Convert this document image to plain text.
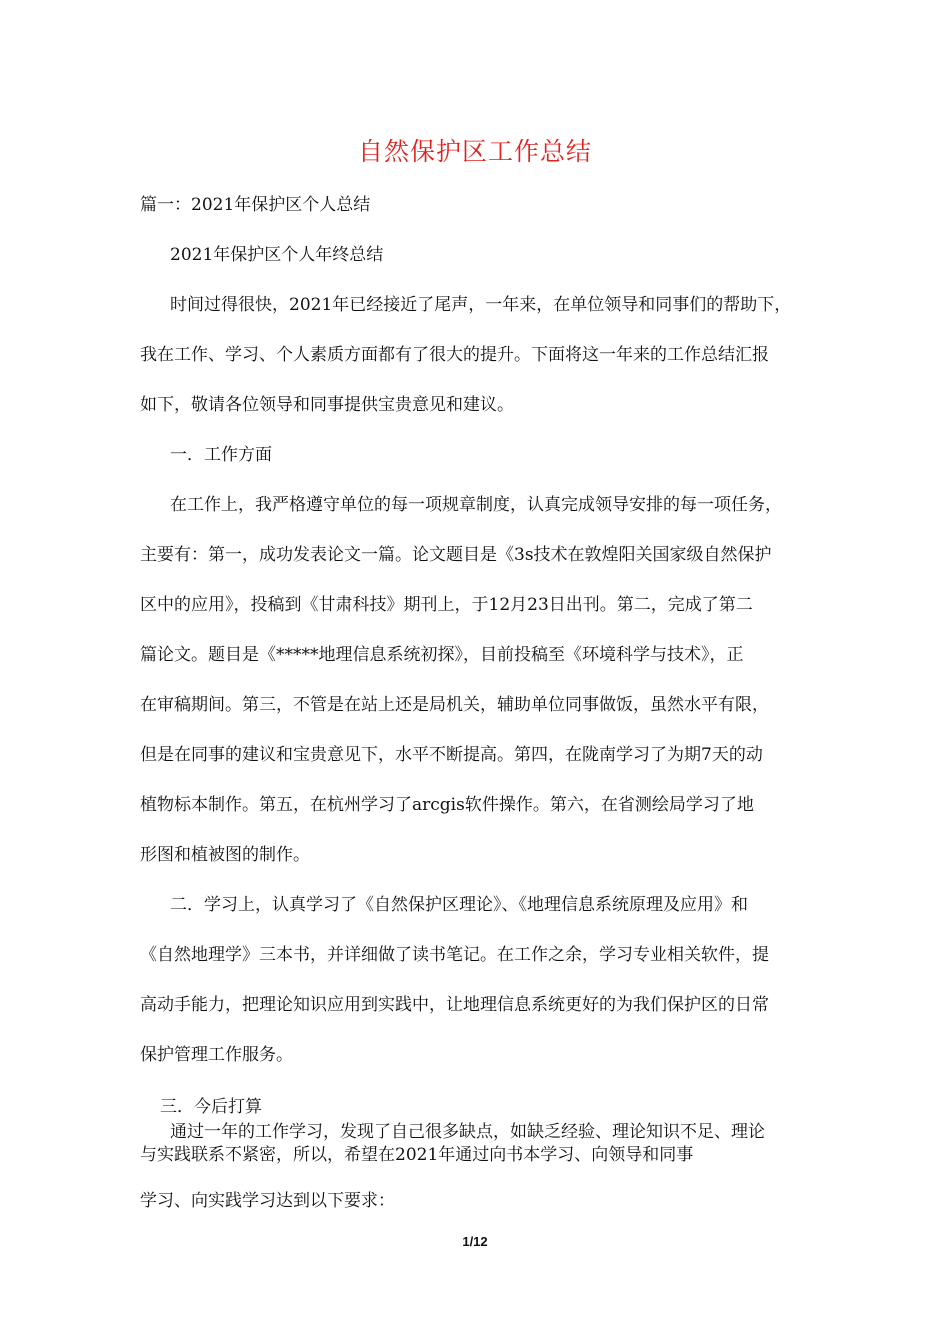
自然保护区工作总结
篇一：2021年保护区个人总结
2021年保护区个人年终总结
时间过得很快，2021年已经接近了尾声，一年来，在单位领导和同事们的帮助下，
我在工作、学习、个人素质方面都有了很大的提升。下面将这一年来的工作总结汇报
如下，敬请各位领导和同事提供宝贵意见和建议。
一．工作方面
在工作上，我严格遵守单位的每一项规章制度，认真完成领导安排的每一项任务，
主要有：第一，成功发表论文一篇。论文题目是《3s技术在敦煌阳关国家级自然保护
区中的应用》，投稿到《甘肃科技》期刊上，于12月23日出刊。第二，完成了第二
篇论文。题目是《*****地理信息系统初探》，目前投稿至《环境科学与技术》，正
在审稿期间。第三，不管是在站上还是局机关，辅助单位同事做饭，虽然水平有限，
但是在同事的建议和宝贵意见下，水平不断提高。第四，在陇南学习了为期7天的动
植物标本制作。第五，在杭州学习了arcgis软件操作。第六，在省测绘局学习了地
形图和植被图的制作。
二．学习上，认真学习了《自然保护区理论》、《地理信息系统原理及应用》和
《自然地理学》三本书，并详细做了读书笔记。在工作之余，学习专业相关软件，提
高动手能力，把理论知识应用到实践中，让地理信息系统更好的为我们保护区的日常
保护管理工作服务。
三．今后打算
通过一年的工作学习，发现了自己很多缺点，如缺乏经验、理论知识不足、理论
与实践联系不紧密，所以，希望在2021年通过向书本学习、向领导和同事
学习、向实践学习达到以下要求：
1/12
